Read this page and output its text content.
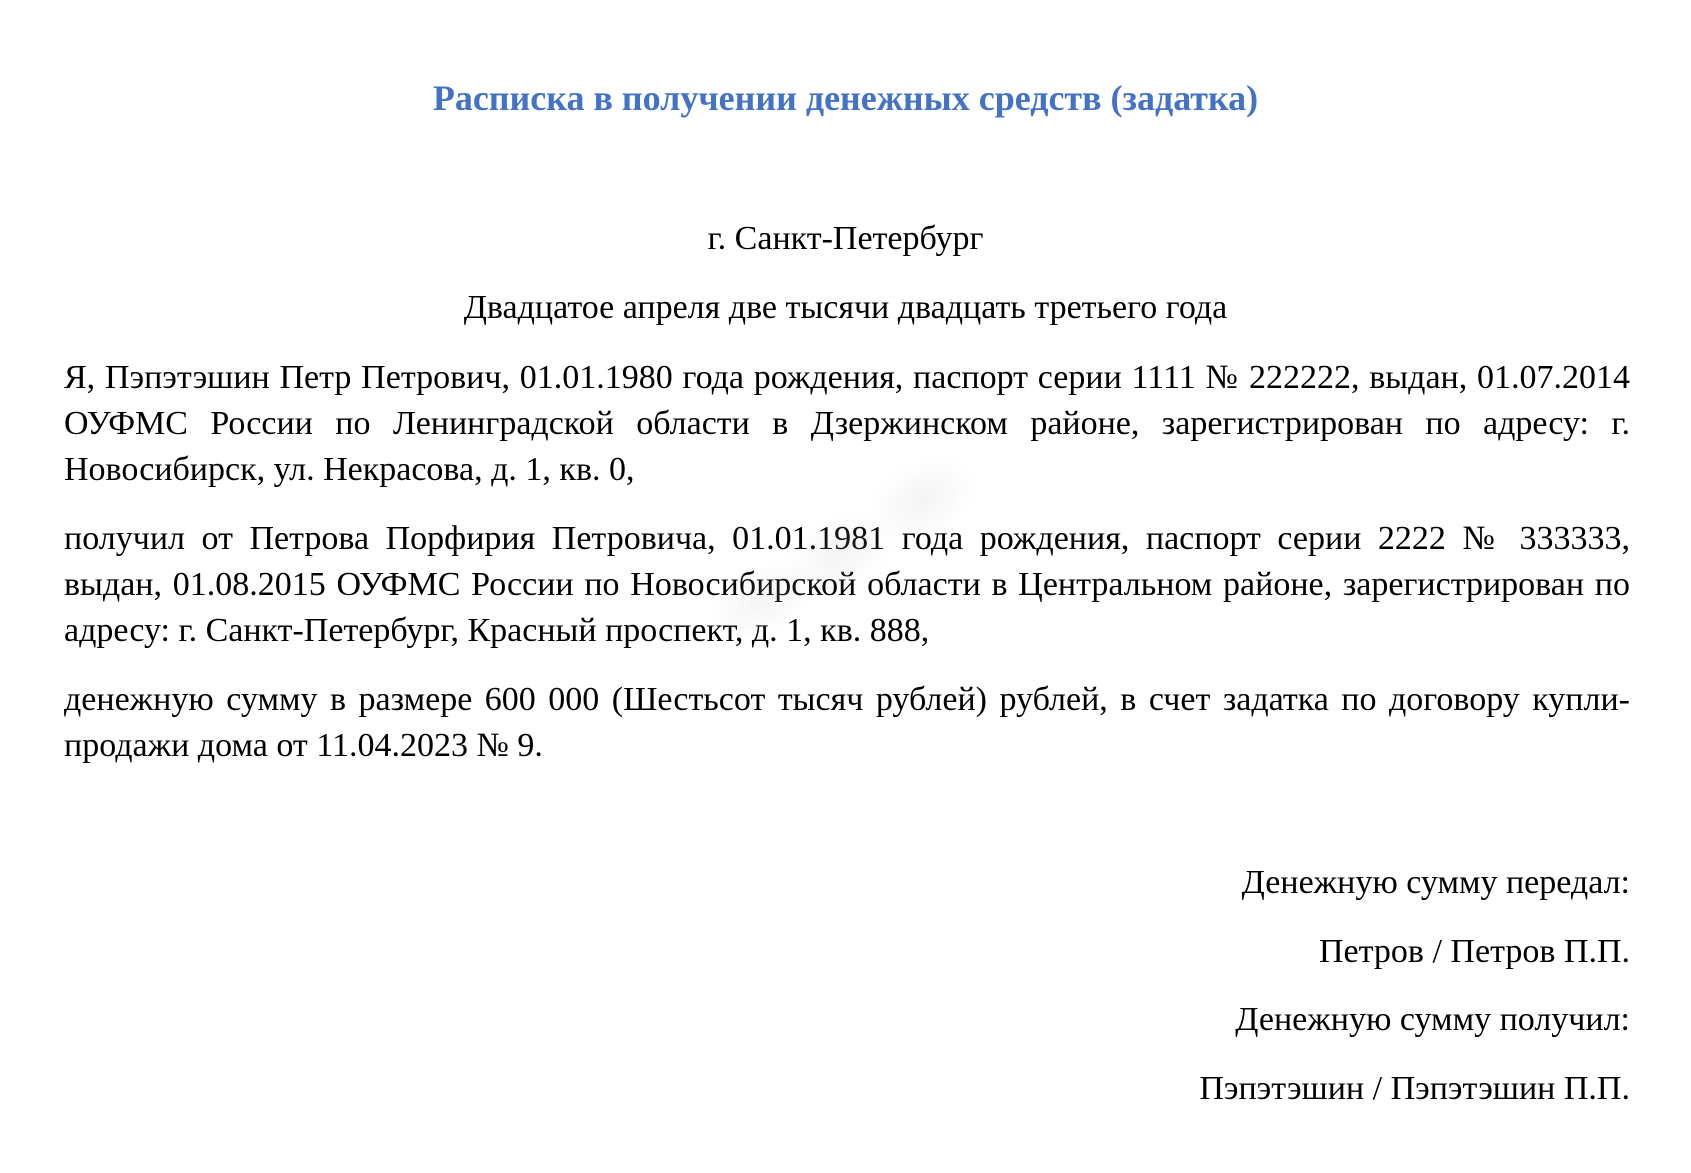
Расписка в получении денежных средств (задатка)
г. Санкт-Петербург
Двадцатое апреля две тысячи двадцать третьего года

Я, Пэпэтэшин Петр Петрович, 01.01.1980 года рождения, паспорт серии 1111 № 222222, выдан, 01.07.2014 ОУФМС России по Ленинградской области в Дзержинском районе, зарегистрирован по адресу: г. Новосибирск, ул. Некрасова, д. 1, кв. 0,

получил от Петрова Порфирия Петровича, 01.01.1981 года рождения, паспорт серии 2222 № 333333, выдан, 01.08.2015 ОУФМС России по Новосибирской области в Центральном районе, зарегистрирован по адресу: г. Санкт-Петербург, Красный проспект, д. 1, кв. 888,

денежную сумму в размере 600 000 (Шестьсот тысяч рублей) рублей, в счет задатка по договору купли-продажи дома от 11.04.2023 № 9.

Денежную сумму передал:
Петров / Петров П.П.
Денежную сумму получил:
Пэпэтэшин / Пэпэтэшин П.П.
